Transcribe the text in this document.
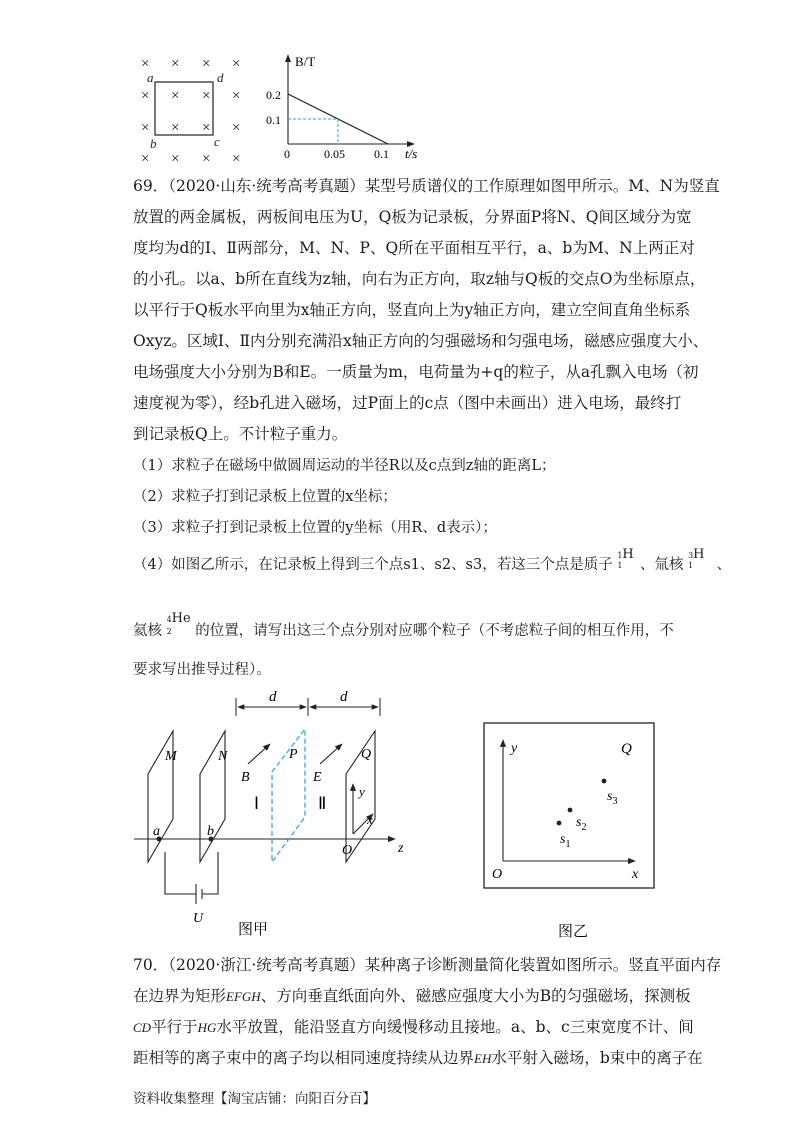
× × × ×
× × × ×
× × × ×
× × × ×
a	d
b	c
B/T
t/s
0.2
0.1
0	0.05 0.1
69．（2020·山东·统考高考真题）某型号质谱仪的工作原理如图甲所示。M、N为竖直
放置的两金属板，两板间电压为U，Q板为记录板，分界面P将N、Q间区域分为宽
度均为d的Ⅰ、Ⅱ两部分，M、N、P、Q所在平面相互平行，a、b为M、N上两正对
的小孔。以a、b所在直线为z轴，向右为正方向，取z轴与Q板的交点O为坐标原点，
以平行于Q板水平向里为x轴正方向，竖直向上为y轴正方向，建立空间直角坐标系
Oxyz。区域Ⅰ、Ⅱ内分别充满沿x轴正方向的匀强磁场和匀强电场，磁感应强度大小、
电场强度大小分别为B和E。一质量为m，电荷量为+q的粒子，从a孔飘入电场（初
速度视为零），经b孔进入磁场，过P面上的c点（图中未画出）进入电场，最终打
到记录板Q上。不计粒子重力。
（1）求粒子在磁场中做圆周运动的半径R以及c点到z轴的距离L；
（2）求粒子打到记录板上位置的x坐标；
（3）求粒子打到记录板上位置的y坐标（用R、d表示）；
（4）如图乙所示，在记录板上得到三个点s1、s2、s3，若这三个点是质子
1
1
H
、氚核
3
1
H
、
氦核
4
2
He
的位置，请写出这三个点分别对应哪个粒子（不考虑粒子间的相互作用，不
要求写出推导过程）。
d	d
z
M	N	P	Q
a	b
B
Ⅰ
E
Ⅱ
y
x
O
U
图甲
y	Q
x
O
$s_1$
$s_2$
$s_3$
图乙
70．（2020·浙江·统考高考真题）某种离子诊断测量简化装置如图所示。竖直平面内存
在边界为矩形EFGH、方向垂直纸面向外、磁感应强度大小为B的匀强磁场，探测板
CD平行于HG水平放置，能沿竖直方向缓慢移动且接地。a、b、c三束宽度不计、间
距相等的离子束中的离子均以相同速度持续从边界EH水平射入磁场，b束中的离子在
资料收集整理【淘宝店铺：向阳百分百】
